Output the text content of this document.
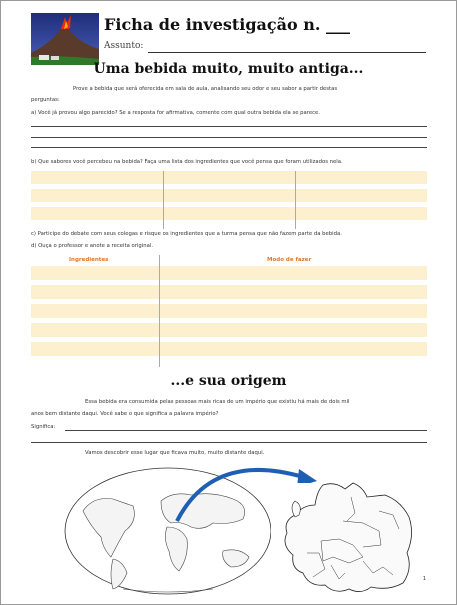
Ficha de investigação n. ___
Assunto:
Uma bebida muito, muito antiga...
Prove a bebida que será oferecida em sala de aula, analisando seu odor e seu sabor a partir destas
perguntas:
a) Você já provou algo parecido? Se a resposta for afirmativa, comente com qual outra bebida ela se parece.
b) Que sabores você percebeu na bebida? Faça uma lista dos ingredientes que você pensa que foram utilizados nela.
c) Participe do debate com seus colegas e risque os ingredientes que a turma pensa que não fazem parte da bebida.
d) Ouça o professor e anote a receita original.
Ingredientes	Modo de fazer
...e sua origem
Essa bebida era consumida pelas pessoas mais ricas de um império que existiu há mais de dois mil
anos bem distante daqui. Você sabe o que significa a palavra império?
Significa:
Vamos descobrir esse lugar que ficava muito, muito distante daqui.
1
